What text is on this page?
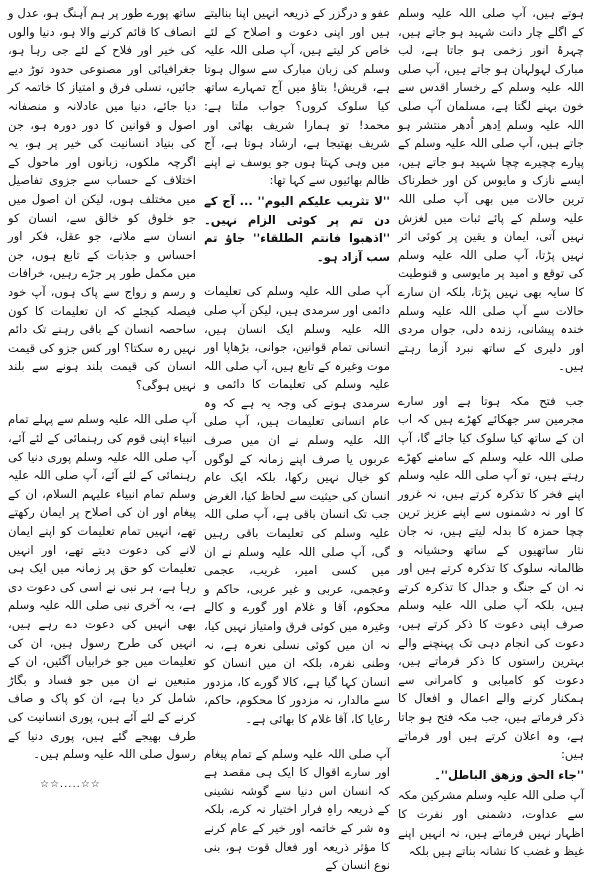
ہوتے ہیں، آپ صلی اللہ علیہ وسلم کے اگلے چار دانت شہید ہو جاتے ہیں، چہرۂ انور زخمی ہو جاتا ہے، لب مبارک لہولہان ہو جاتے ہیں، آپ صلی اللہ علیہ وسلم کے رخسار اقدس سے خون بہنے لگتا ہے، مسلمان آپ صلی اللہ علیہ وسلم اِدھر اُدھر منتشر ہو جاتے ہیں، آپ صلی اللہ علیہ وسلم کے پیارے چچیرے چچا شہید ہو جاتے ہیں، ایسے نازک و مایوس کن اور خطرناک ترین حالات میں بھی آپ صلی اللہ علیہ وسلم کے پائے ثبات میں لغزش نہیں آتی، ایمان و یقین پر کوئی اثر نہیں پڑتا، آپ صلی اللہ علیہ وسلم کی توقع و امید پر مایوسی و قنوطیت کا سایہ بھی نہیں پڑتا، بلکہ ان سارے حالات سے آپ صلی اللہ علیہ وسلم خندہ پیشانی، زندہ دلی، جواں مردی اور دلیری کے ساتھ نبرد آزما رہتے ہیں۔

جب فتح مکہ ہوتا ہے اور سارے مجرمین سر جھکائے کھڑے ہیں کہ اب ان کے ساتھ کیا سلوک کیا جائے گا، آپ صلی اللہ علیہ وسلم کے سامنے کھڑے رہتے ہیں، تو آپ صلی اللہ علیہ وسلم اپنے فخر کا تذکرہ کرتے ہیں، نہ غرور کا اور نہ دشمنوں سے اپنے عزیز ترین چچا حمزہ کا بدلہ لیتے ہیں، نہ جان نثار ساتھیوں کے ساتھ وحشیانہ و ظالمانہ سلوک کا تذکرہ کرتے ہیں اور نہ ان کے جنگ و جدال کا تذکرہ کرتے ہیں، بلکہ آپ صلی اللہ علیہ وسلم صرف اپنی دعوت کا ذکر کرتے ہیں، دعوت کی انجام دہی تک پہنچنے والے بہترین راستوں کا ذکر فرماتے ہیں، دعوت کو کامیابی و کامرانی سے ہمکنار کرنے والے اعمال و افعال کا ذکر فرماتے ہیں، جب مکہ فتح ہو جاتا ہے، وہ اعلان کرتے ہیں اور فرماتے ہیں:

''جاء الحق وزھق الباطل''۔

آپ صلی اللہ علیہ وسلم مشرکین مکہ سے عداوت، دشمنی اور نفرت کا اظہار نہیں فرماتے ہیں، نہ انہیں اپنے غیظ و غضب کا نشانہ بناتے ہیں بلکہ

عفو و درگزر کے ذریعہ انہیں اپنا بنالیتے ہیں اور اپنی دعوت و اصلاح کے لئے خاص کر لیتے ہیں، آپ صلی اللہ علیہ وسلم کی زبان مبارک سے سوال ہوتا ہے، قریش! بتاؤ میں آج تمہارے ساتھ کیا سلوک کروں؟ جواب ملتا ہے: محمد! تو ہمارا شریف بھائی اور شریف بھتیجا ہے، ارشاد ہوتا ہے، آج میں وہی کہتا ہوں جو یوسف نے اپنے ظالم بھائیوں سے کہا تھا:

''لا تثریب علیکم الیوم'' ... آج کے دن تم پر کوئی الزام نہیں۔ ''اذھبوا فانتم الطلقاء'' جاؤ تم سب آزاد ہو۔

آپ صلی اللہ علیہ وسلم کی تعلیمات دائمی اور سرمدی ہیں، لیکن آپ صلی اللہ علیہ وسلم ایک انسان ہیں، انسانی تمام قوانین، جوانی، بڑھاپا اور موت وغیرہ کے تابع ہیں، آپ صلی اللہ علیہ وسلم کی تعلیمات کا دائمی و سرمدی ہونے کی وجہ یہ ہے کہ وہ عام انسانی تعلیمات ہیں، آپ صلی اللہ علیہ وسلم نے ان میں صرف عربوں یا صرف اپنے زمانہ کے لوگوں کو خیال نہیں رکھا، بلکہ ایک عام انسان کی حیثیت سے لحاظ کیا، الغرض جب تک انسان باقی ہے، آپ صلی اللہ علیہ وسلم کی تعلیمات باقی رہیں گی، آپ صلی اللہ علیہ وسلم نے ان میں کسی امیر، غریب، عجمی وعجمی، عربی و غیر عربی، حاکم و محکوم، آقا و غلام اور گورے و کالے وغیرہ میں کوئی فرق وامتیاز نہیں کیا، نہ ان میں کوئی نسلی نعرہ ہے، نہ وطنی نفرہ، بلکہ ان میں انسان کو انسان کہا گیا ہے، کالا گورے کا، مزدور سے مالدار، نہ مزدور کا محکوم، حاکم، رعایا کا، آقا غلام کا بھائی ہے۔

آپ صلی اللہ علیہ وسلم کے تمام پیغام اور سارے اقوال کا ایک ہی مقصد ہے کہ انسان اس دنیا سے گوشہ نشینی کے ذریعہ راہِ فرار اختیار نہ کرے، بلکہ وہ شر کے خاتمہ اور خیر کے عام کرنے کا مؤثر ذریعہ اور فعال قوت ہو، بنی نوع انسان کے

ساتھ پورے طور پر ہم آہنگ ہو، عدل و انصاف کا قائم کرنے والا ہو، دنیا والوں کی خیر اور فلاح کے لئے جی رہا ہو، جغرافیائی اور مصنوعی حدود توڑ دیے جائیں، نسلی فرق و امتیاز کا خاتمہ کر دیا جائے، دنیا میں عادلانہ و منصفانہ اصول و قوانین کا دور دورہ ہو، جن کی بنیاد انسانیت کی خیر پر ہو، یہ اگرچہ ملکوں، زبانوں اور ماحول کے اختلاف کے حساب سے جزوی تفاصیل میں مختلف ہوں، لیکن ان اصول میں جو خلوق کو خالق سے، انسان کو انسان سے ملانے، جو عقل، فکر اور احساس و جذبات کے تابع ہوں، جن میں مکمل طور پر جڑے رہیں، خرافات و رسم و رواج سے پاک ہوں، آپ خود فیصلہ کیجئے کہ ان تعلیمات کا کون ساحصہ انسان کے باقی رہنے تک دائم نہیں رہ سکتا؟ اور کس جزو کی قیمت انسان کی قیمت بلند ہونے سے بلند نہیں ہوگی؟

آپ صلی اللہ علیہ وسلم سے پہلے تمام انبیاء اپنی قوم کی رہنمائی کے لئے آئے، آپ صلی اللہ علیہ وسلم پوری دنیا کی رہنمائی کے لئے آئے، آپ صلی اللہ علیہ وسلم تمام انبیاء علیہم السلام، ان کے پیغام اور ان کی اصلاح پر ایمان رکھتے تھے، انہیں تمام تعلیمات کو اپنے ایمان لانے کی دعوت دیتے تھے، اور انہیں تعلیمات کو حق پر زمانہ میں ایک ہی رہا ہے، ہر نبی نے اسی کی دعوت دی ہے، یہ آخری نبی صلی اللہ علیہ وسلم بھی انہیں کی دعوت دے رہے ہیں، انہیں کی طرح رسول ہیں، ان کی تعلیمات میں جو خرابیاں آگئیں، ان کے متبعین نے ان میں جو فساد و بگاڑ شامل کر دیا ہے، ان کو پاک و صاف کرنے کے لئے آئے ہیں، پوری انسانیت کی طرف بھیجے گئے ہیں، پوری دنیا کے رسول صلی اللہ علیہ وسلم ہیں۔

☆☆.....☆☆
